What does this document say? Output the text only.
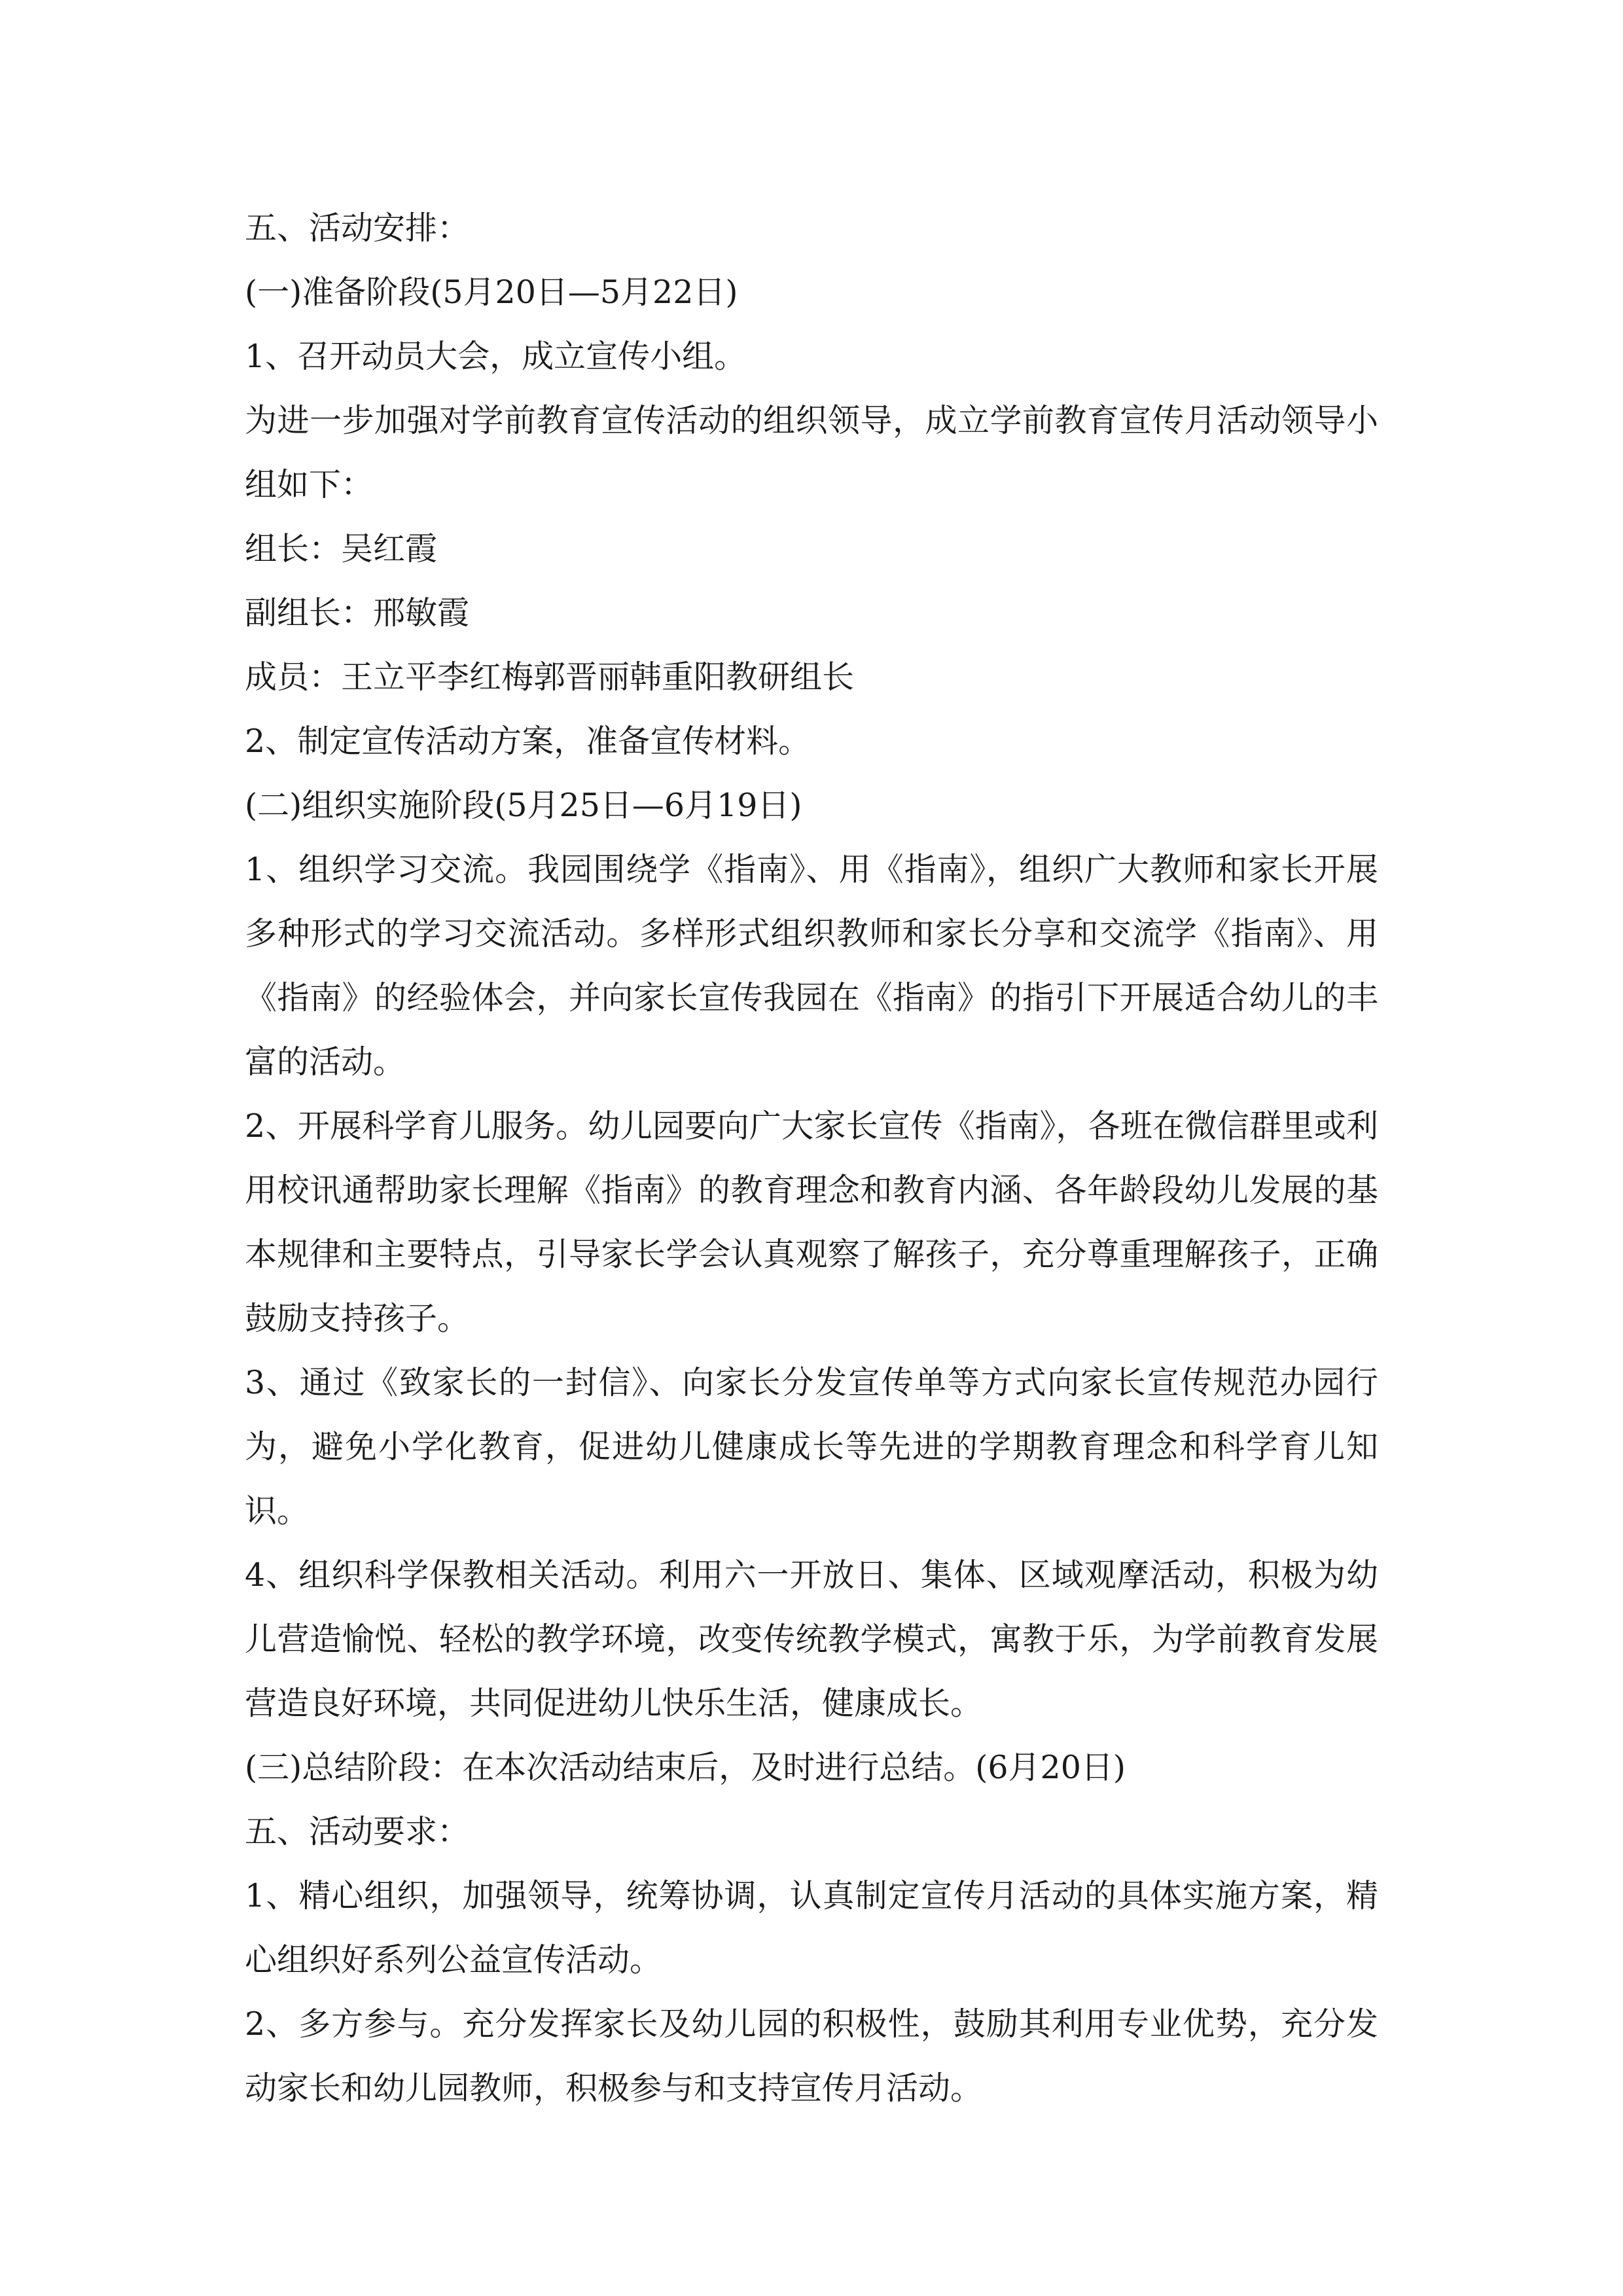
五、活动安排：

(一)准备阶段(5月20日—5月22日)

1、召开动员大会，成立宣传小组。

为进一步加强对学前教育宣传活动的组织领导，成立学前教育宣传月活动领导小组如下：

组长：吴红霞

副组长：邢敏霞

成员：王立平李红梅郭晋丽韩重阳教研组长

2、制定宣传活动方案，准备宣传材料。

(二)组织实施阶段(5月25日—6月19日)

1、组织学习交流。我园围绕学《指南》、用《指南》，组织广大教师和家长开展多种形式的学习交流活动。多样形式组织教师和家长分享和交流学《指南》、用《指南》的经验体会，并向家长宣传我园在《指南》的指引下开展适合幼儿的丰富的活动。

2、开展科学育儿服务。幼儿园要向广大家长宣传《指南》，各班在微信群里或利用校讯通帮助家长理解《指南》的教育理念和教育内涵、各年龄段幼儿发展的基本规律和主要特点，引导家长学会认真观察了解孩子，充分尊重理解孩子，正确鼓励支持孩子。

3、通过《致家长的一封信》、向家长分发宣传单等方式向家长宣传规范办园行为，避免小学化教育，促进幼儿健康成长等先进的学期教育理念和科学育儿知识。

4、组织科学保教相关活动。利用六一开放日、集体、区域观摩活动，积极为幼儿营造愉悦、轻松的教学环境，改变传统教学模式，寓教于乐，为学前教育发展营造良好环境，共同促进幼儿快乐生活，健康成长。

(三)总结阶段：在本次活动结束后，及时进行总结。(6月20日)

五、活动要求：

1、精心组织，加强领导，统筹协调，认真制定宣传月活动的具体实施方案，精心组织好系列公益宣传活动。

2、多方参与。充分发挥家长及幼儿园的积极性，鼓励其利用专业优势，充分发动家长和幼儿园教师，积极参与和支持宣传月活动。
